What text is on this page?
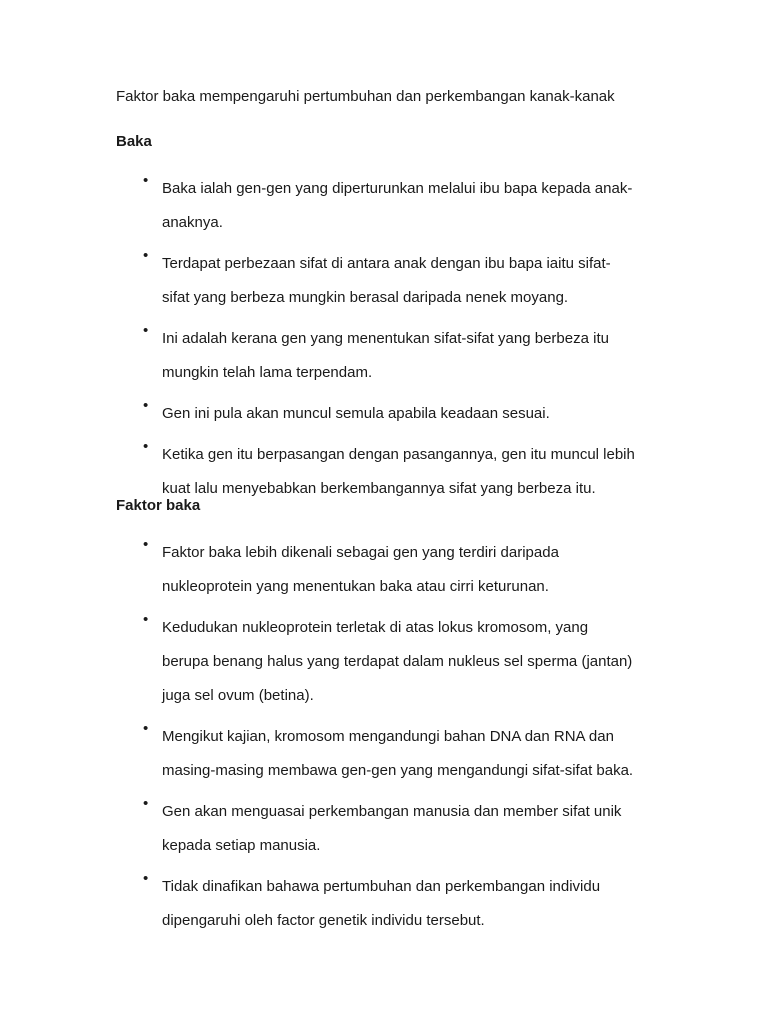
Faktor baka mempengaruhi pertumbuhan dan perkembangan kanak-kanak
Baka
• Baka ialah gen-gen yang diperturunkan melalui ibu bapa kepada anak-
anaknya.
• Terdapat perbezaan sifat di antara anak dengan ibu bapa iaitu sifat-
sifat yang berbeza mungkin berasal daripada nenek moyang.
• Ini adalah kerana gen yang menentukan sifat-sifat yang berbeza itu
mungkin telah lama terpendam.
• Gen ini pula akan muncul semula apabila keadaan sesuai.
• Ketika gen itu berpasangan dengan pasangannya, gen itu muncul lebih
kuat lalu menyebabkan berkembangannya sifat yang berbeza itu.
Faktor baka
• Faktor baka lebih dikenali sebagai gen yang terdiri daripada
nukleoprotein yang menentukan baka atau cirri keturunan.
• Kedudukan nukleoprotein terletak di atas lokus kromosom, yang
berupa benang halus yang terdapat dalam nukleus sel sperma (jantan)
juga sel ovum (betina).
• Mengikut kajian, kromosom mengandungi bahan DNA dan RNA dan
masing-masing membawa gen-gen yang mengandungi sifat-sifat baka.
• Gen akan menguasai perkembangan manusia dan member sifat unik
kepada setiap manusia.
• Tidak dinafikan bahawa pertumbuhan dan perkembangan individu
dipengaruhi oleh factor genetik individu tersebut.
